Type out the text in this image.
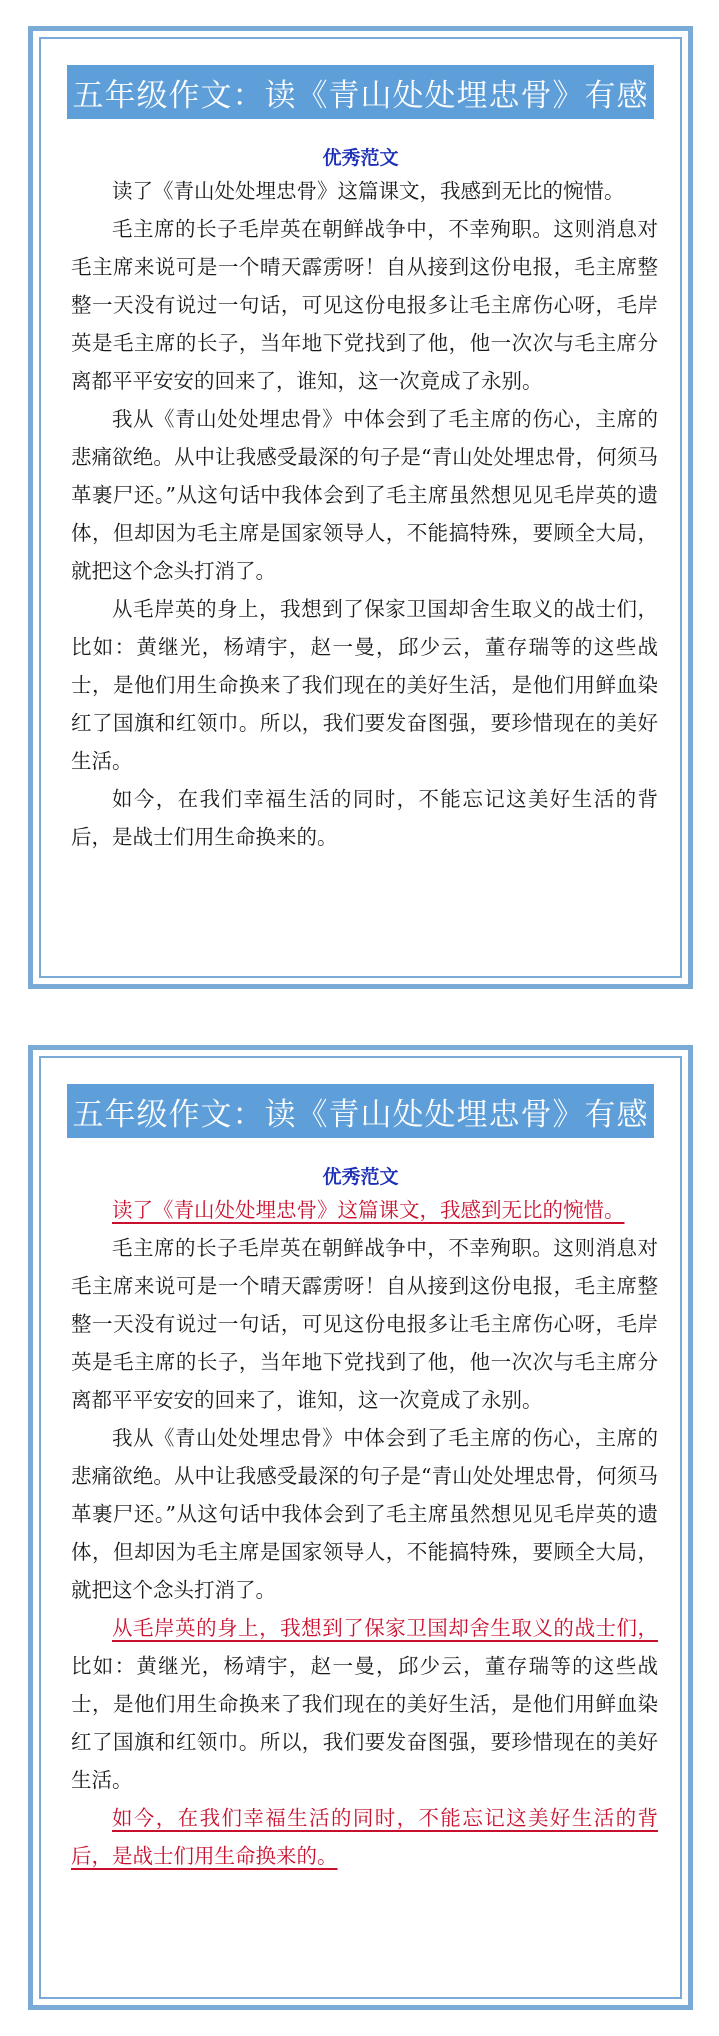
五年级作文：读《青山处处埋忠骨》有感
优秀范文

读了《青山处处埋忠骨》这篇课文，我感到无比的惋惜。

毛主席的长子毛岸英在朝鲜战争中，不幸殉职。这则消息对毛主席来说可是一个晴天霹雳呀！自从接到这份电报，毛主席整整一天没有说过一句话，可见这份电报多让毛主席伤心呀，毛岸英是毛主席的长子，当年地下党找到了他，他一次次与毛主席分离都平平安安的回来了，谁知，这一次竟成了永别。

我从《青山处处埋忠骨》中体会到了毛主席的伤心，主席的悲痛欲绝。从中让我感受最深的句子是“青山处处埋忠骨，何须马革裹尸还。”从这句话中我体会到了毛主席虽然想见见毛岸英的遗体，但却因为毛主席是国家领导人，不能搞特殊，要顾全大局，就把这个念头打消了。

从毛岸英的身上，我想到了保家卫国却舍生取义的战士们，比如：黄继光，杨靖宇，赵一曼，邱少云，董存瑞等的这些战士，是他们用生命换来了我们现在的美好生活，是他们用鲜血染红了国旗和红领巾。所以，我们要发奋图强，要珍惜现在的美好生活。

如今，在我们幸福生活的同时，不能忘记这美好生活的背后，是战士们用生命换来的。

五年级作文：读《青山处处埋忠骨》有感
优秀范文

读了《青山处处埋忠骨》这篇课文，我感到无比的惋惜。

毛主席的长子毛岸英在朝鲜战争中，不幸殉职。这则消息对毛主席来说可是一个晴天霹雳呀！自从接到这份电报，毛主席整整一天没有说过一句话，可见这份电报多让毛主席伤心呀，毛岸英是毛主席的长子，当年地下党找到了他，他一次次与毛主席分离都平平安安的回来了，谁知，这一次竟成了永别。

我从《青山处处埋忠骨》中体会到了毛主席的伤心，主席的悲痛欲绝。从中让我感受最深的句子是“青山处处埋忠骨，何须马革裹尸还。”从这句话中我体会到了毛主席虽然想见见毛岸英的遗体，但却因为毛主席是国家领导人，不能搞特殊，要顾全大局，就把这个念头打消了。

从毛岸英的身上，我想到了保家卫国却舍生取义的战士们，比如：黄继光，杨靖宇，赵一曼，邱少云，董存瑞等的这些战士，是他们用生命换来了我们现在的美好生活，是他们用鲜血染红了国旗和红领巾。所以，我们要发奋图强，要珍惜现在的美好生活。

如今，在我们幸福生活的同时，不能忘记这美好生活的背后，是战士们用生命换来的。
